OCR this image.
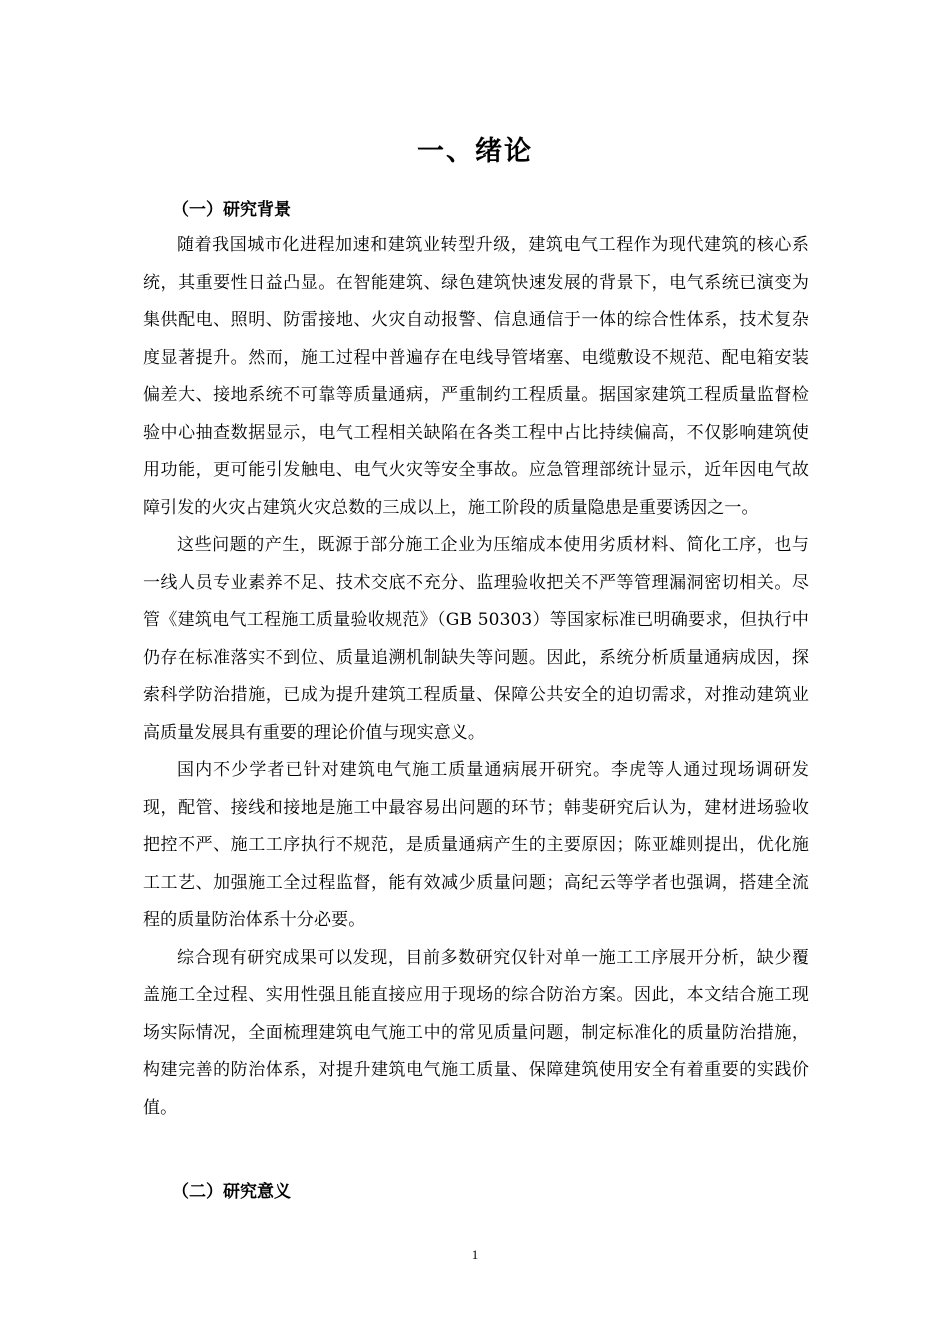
一、绪论
（一）研究背景

随着我国城市化进程加速和建筑业转型升级，建筑电气工程作为现代建筑的核心系统，其重要性日益凸显。在智能建筑、绿色建筑快速发展的背景下，电气系统已演变为集供配电、照明、防雷接地、火灾自动报警、信息通信于一体的综合性体系，技术复杂度显著提升。然而，施工过程中普遍存在电线导管堵塞、电缆敷设不规范、配电箱安装偏差大、接地系统不可靠等质量通病，严重制约工程质量。据国家建筑工程质量监督检验中心抽查数据显示，电气工程相关缺陷在各类工程中占比持续偏高，不仅影响建筑使用功能，更可能引发触电、电气火灾等安全事故。应急管理部统计显示，近年因电气故障引发的火灾占建筑火灾总数的三成以上，施工阶段的质量隐患是重要诱因之一。

这些问题的产生，既源于部分施工企业为压缩成本使用劣质材料、简化工序，也与一线人员专业素养不足、技术交底不充分、监理验收把关不严等管理漏洞密切相关。尽管《建筑电气工程施工质量验收规范》（GB 50303）等国家标准已明确要求，但执行中仍存在标准落实不到位、质量追溯机制缺失等问题。因此，系统分析质量通病成因，探索科学防治措施，已成为提升建筑工程质量、保障公共安全的迫切需求，对推动建筑业高质量发展具有重要的理论价值与现实意义。

国内不少学者已针对建筑电气施工质量通病展开研究。李虎等人通过现场调研发现，配管、接线和接地是施工中最容易出问题的环节；韩斐研究后认为，建材进场验收把控不严、施工工序执行不规范，是质量通病产生的主要原因；陈亚雄则提出，优化施工工艺、加强施工全过程监督，能有效减少质量问题；高纪云等学者也强调，搭建全流程的质量防治体系十分必要。

综合现有研究成果可以发现，目前多数研究仅针对单一施工工序展开分析，缺少覆盖施工全过程、实用性强且能直接应用于现场的综合防治方案。因此，本文结合施工现场实际情况，全面梳理建筑电气施工中的常见质量问题，制定标准化的质量防治措施，构建完善的防治体系，对提升建筑电气施工质量、保障建筑使用安全有着重要的实践价值。

（二）研究意义
1
